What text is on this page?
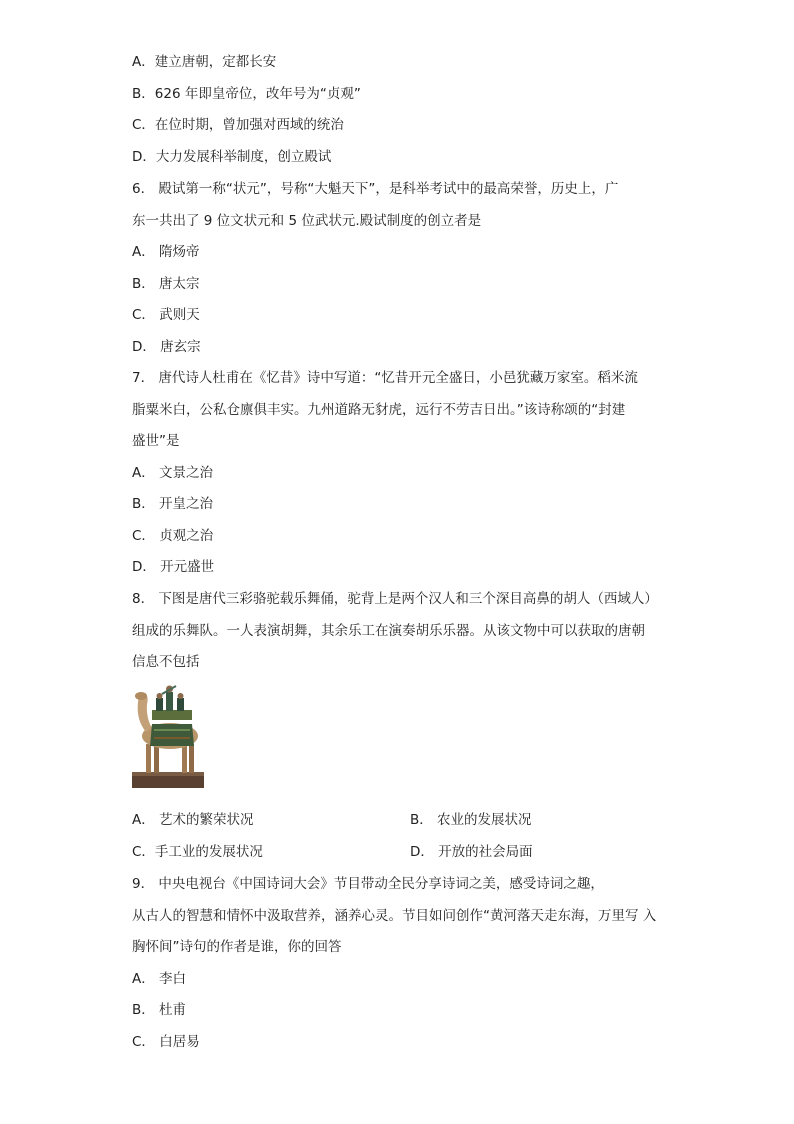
A．建立唐朝，定都长安
B．626 年即皇帝位，改年号为“贞观”
C．在位时期，曾加强对西域的统治
D．大力发展科举制度，创立殿试
6． 殿试第一称“状元”，号称“大魁天下”，是科举考试中的最高荣誉，历史上，广
东一共出了 9 位文状元和 5 位武状元.殿试制度的创立者是
A． 隋炀帝
B． 唐太宗
C． 武则天
D． 唐玄宗
7． 唐代诗人杜甫在《忆昔》诗中写道：“忆昔开元全盛日，小邑犹藏万家室。稻米流
脂粟米白，公私仓廪俱丰实。九州道路无豺虎，远行不劳吉日出。”该诗称颂的“封建
盛世”是
A． 文景之治
B． 开皇之治
C． 贞观之治
D． 开元盛世
8． 下图是唐代三彩骆驼载乐舞俑，驼背上是两个汉人和三个深目高鼻的胡人（西域人）
组成的乐舞队。一人表演胡舞，其余乐工在演奏胡乐乐器。从该文物中可以获取的唐朝
信息不包括
A． 艺术的繁荣状况	B． 农业的发展状况
C．手工业的发展状况	D． 开放的社会局面
9． 中央电视台《中国诗词大会》节目带动全民分享诗词之美，感受诗词之趣，
从古人的智慧和情怀中汲取营养，涵养心灵。节目如问创作“黄河落天走东海，万里写 入
胸怀间”诗句的作者是谁，你的回答
A． 李白
B． 杜甫
C． 白居易
